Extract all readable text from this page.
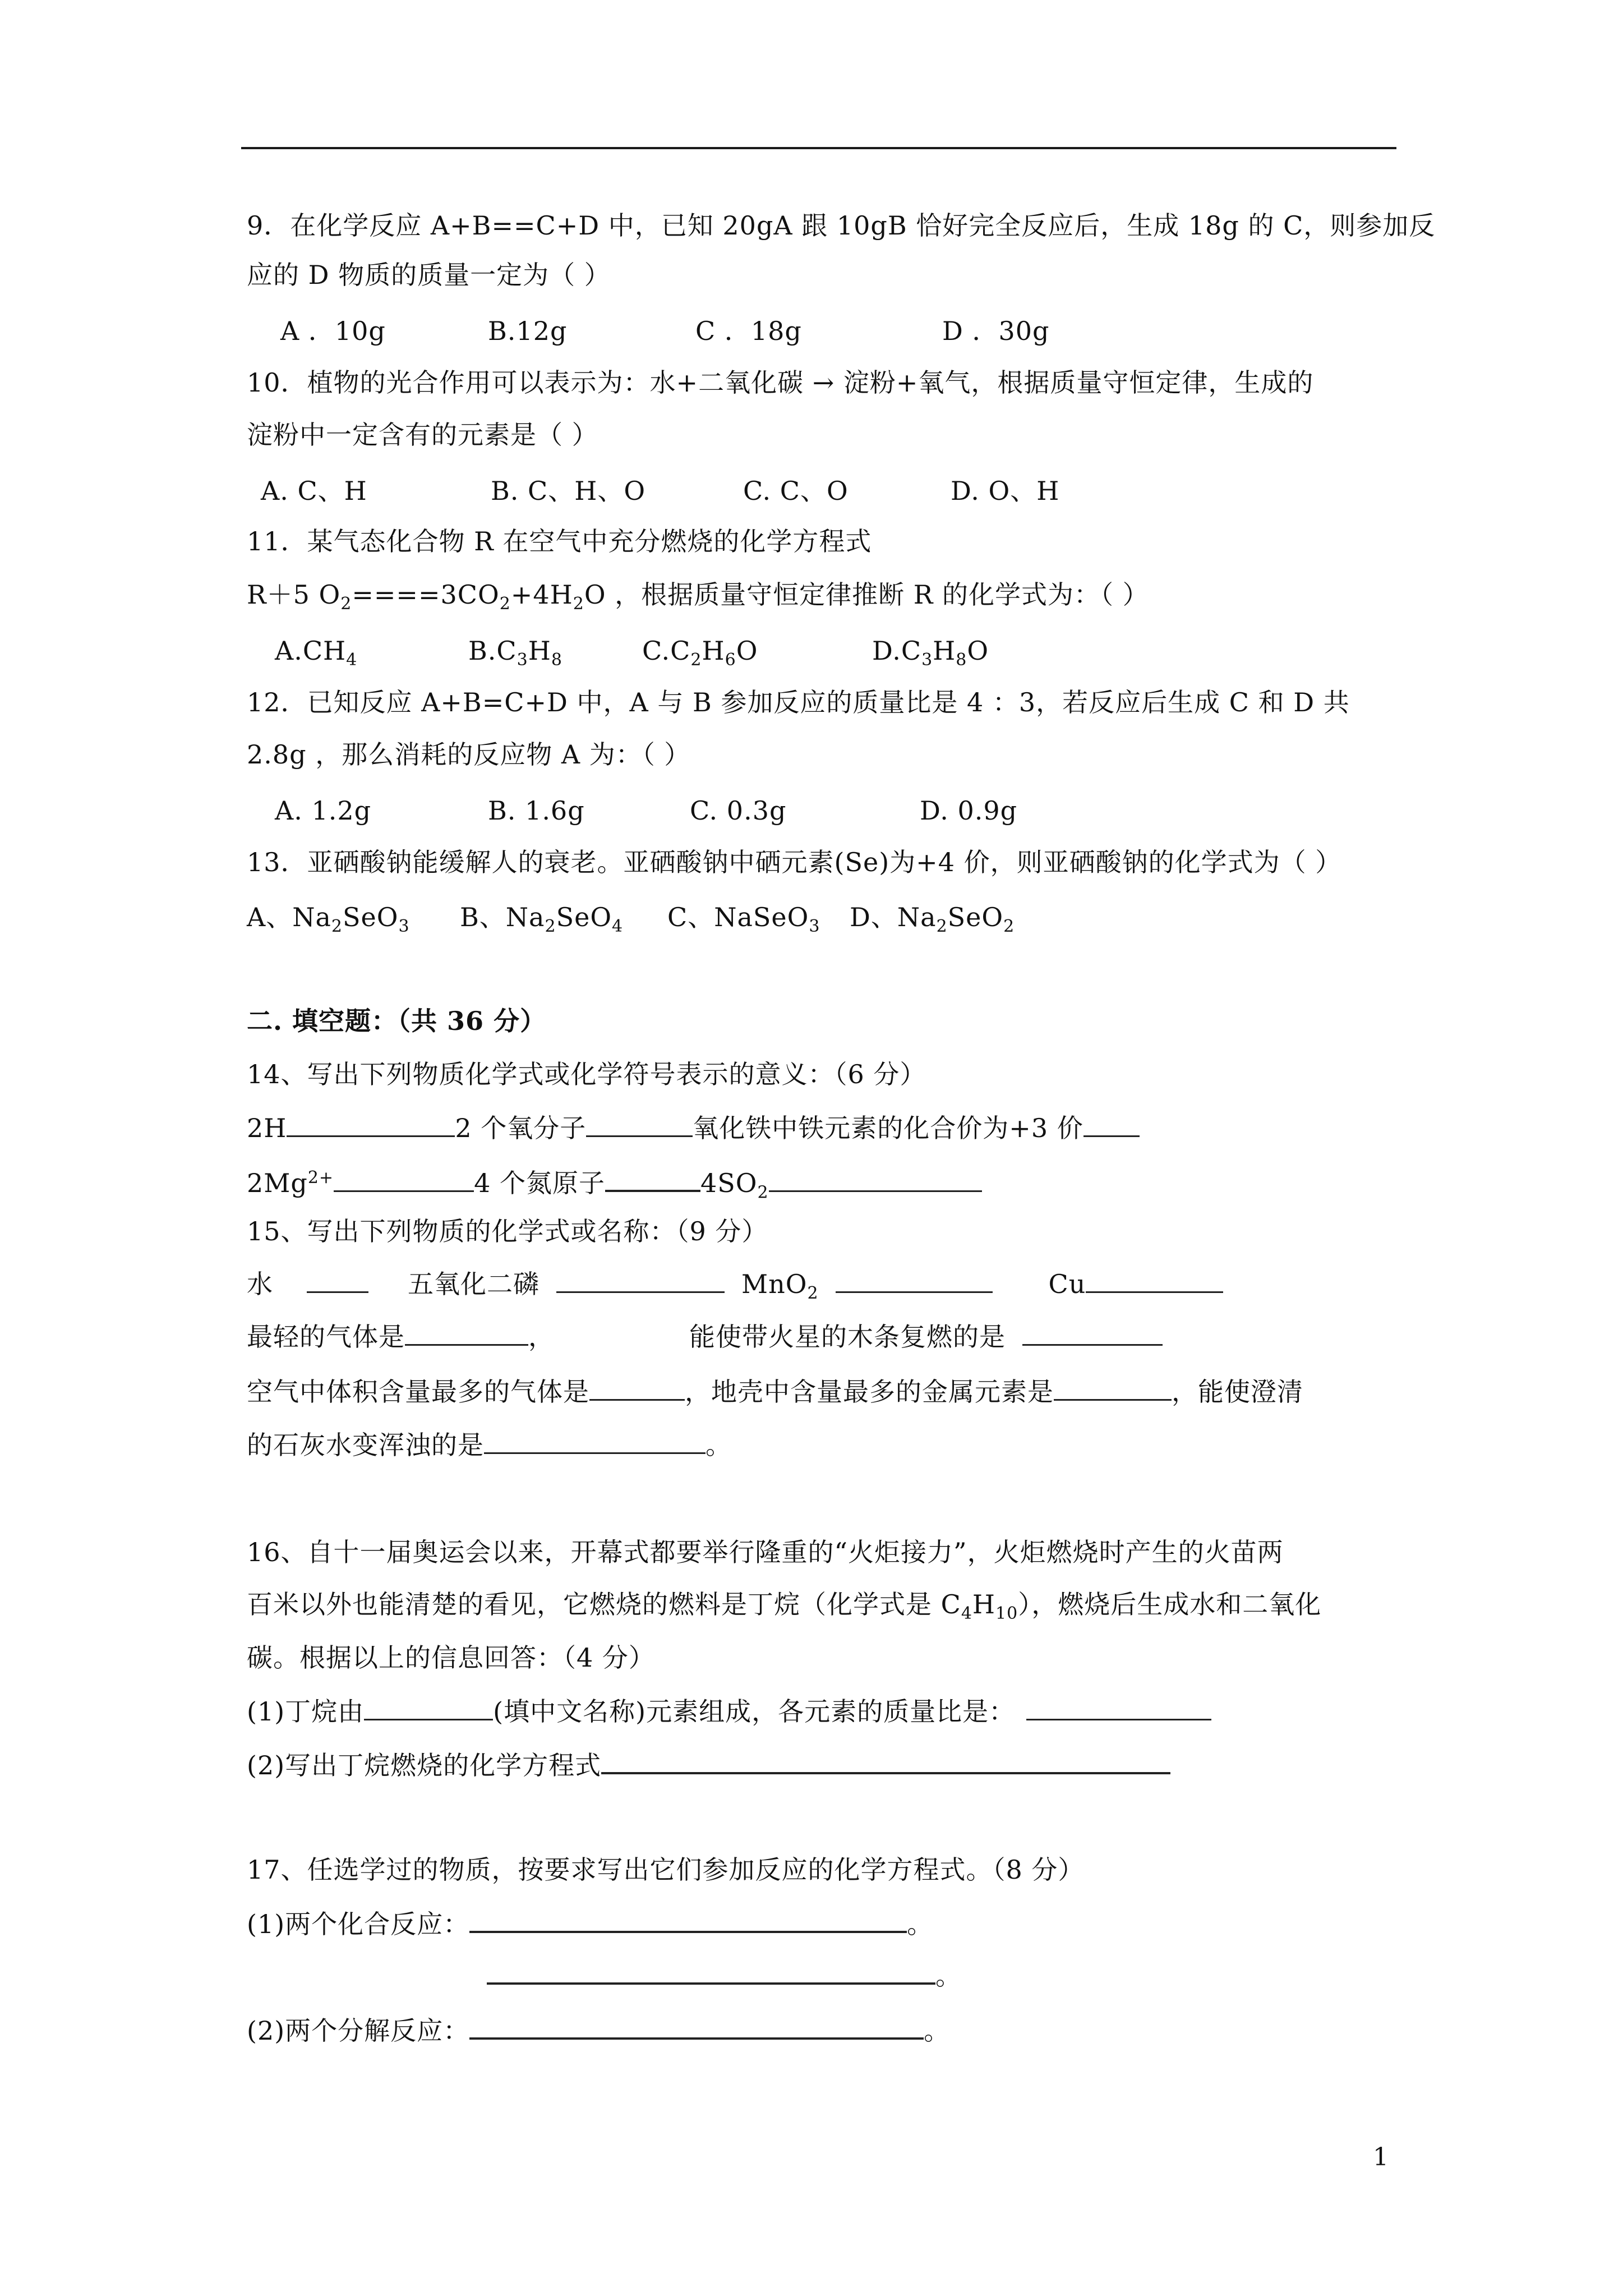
9．在化学反应 A+B==C+D 中，已知 20gA 跟 10gB 恰好完全反应后，生成 18g 的 C，则参加反
应的 D 物质的质量一定为（ ）
A ．10g	B.12g	C ．18g	D ．30g
10．植物的光合作用可以表示为：水+二氧化碳 → 淀粉+氧气，根据质量守恒定律，生成的
淀粉中一定含有的元素是（ ）
A. C、H	B. C、H、O	C. C、O	D. O、H
11．某气态化合物 R 在空气中充分燃烧的化学方程式
R＋5 $O_2====3CO_2+4H_2O$ ，根据质量守恒定律推断 R 的化学式为：（ ）
$A.CH_4$	$B.C_3H_8$	$C.C_2H_6O$	$D.C_3H_8O$
12．已知反应 A+B=C+D 中，A 与 B 参加反应的质量比是 4 ：3，若反应后生成 C 和 D 共
2.8g ，那么消耗的反应物 A 为：（ ）
A. 1.2g	B. 1.6g	C. 0.3g	D. 0.9g
13．亚硒酸钠能缓解人的衰老。亚硒酸钠中硒元素(Se)为+4 价，则亚硒酸钠的化学式为（ ）
A、$Na_2SeO_3$ B、$Na_2SeO_4$ C、NaSeO$_3$ D、$Na_2SeO_2$
二. 填空题：（共 36 分）
14、写出下列物质化学式或化学符号表示的意义：（6 分）
2H	2 个氧分子	氧化铁中铁元素的化合价为+3 价
$2Mg^{2+}$	4 个氮原子	$4SO_2$
15、写出下列物质的化学式或名称：（9 分）
水	五氧化二磷	MnO$_2$	Cu
最轻的气体是	，	能使带火星的木条复燃的是
空气中体积含量最多的气体是	，地壳中含量最多的金属元素是	，能使澄清
的石灰水变浑浊的是	。
16、自十一届奥运会以来，开幕式都要举行隆重的“火炬接力”，火炬燃烧时产生的火苗两
百米以外也能清楚的看见，它燃烧的燃料是丁烷（化学式是 $C_4H_{10}$），燃烧后生成水和二氧化
碳。根据以上的信息回答：（4 分）
(1)丁烷由	(填中文名称)元素组成，各元素的质量比是：
(2)写出丁烷燃烧的化学方程式
17、任选学过的物质，按要求写出它们参加反应的化学方程式。（8 分）
(1)两个化合反应：	。
。
(2)两个分解反应：	。
1
